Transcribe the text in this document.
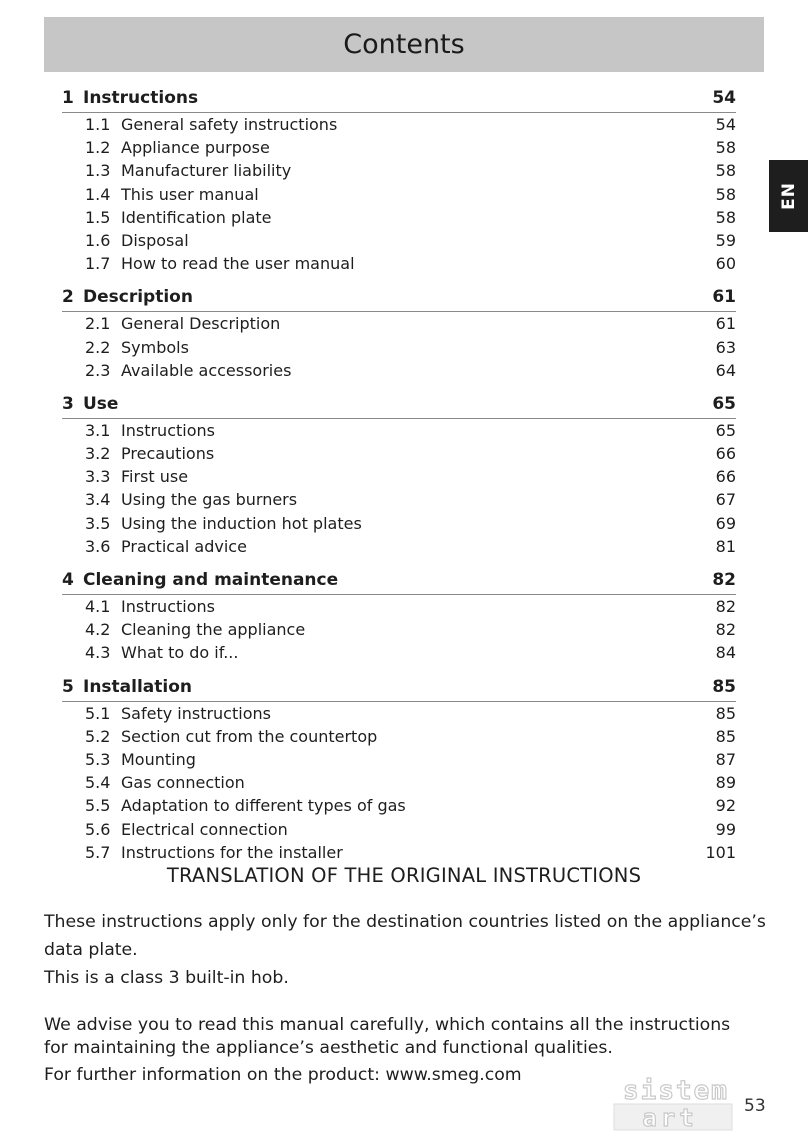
Contents
EN
1 Instructions	54
1.1 General safety instructions	54
1.2 Appliance purpose	58
1.3 Manufacturer liability	58
1.4 This user manual	58
1.5 Identification plate	58
1.6 Disposal	59
1.7 How to read the user manual	60
2 Description	61
2.1 General Description	61
2.2 Symbols	63
2.3 Available accessories	64
3 Use	65
3.1 Instructions	65
3.2 Precautions	66
3.3 First use	66
3.4 Using the gas burners	67
3.5 Using the induction hot plates	69
3.6 Practical advice	81
4 Cleaning and maintenance	82
4.1 Instructions	82
4.2 Cleaning the appliance	82
4.3 What to do if...	84
5 Installation	85
5.1 Safety instructions	85
5.2 Section cut from the countertop	85
5.3 Mounting	87
5.4 Gas connection	89
5.5 Adaptation to different types of gas	92
5.6 Electrical connection	99
5.7 Instructions for the installer	101
TRANSLATION OF THE ORIGINAL INSTRUCTIONS

These instructions apply only for the destination countries listed on the appliance’s data plate.

This is a class 3 built-in hob.

We advise you to read this manual carefully, which contains all the instructions for maintaining the appliance’s aesthetic and functional qualities.

For further information on the product: www.smeg.com

sistem
art	53
